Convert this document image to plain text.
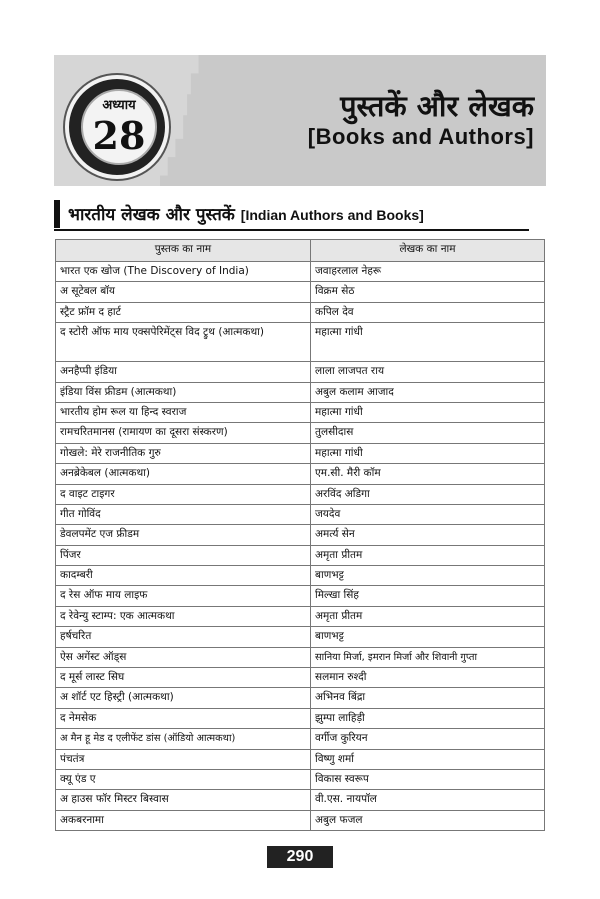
अध्याय
28
पुस्तकें और लेखक
[Books and Authors]
भारतीय लेखक और पुस्तकें [Indian Authors and Books]
पुस्तक का नाम	लेखक का नाम
भारत एक खोज (The Discovery of India)	जवाहरलाल नेहरू
अ सूटेबल बॉय	विक्रम सेठ
स्ट्रैट फ्रॉम द हार्ट	कपिल देव
द स्टोरी ऑफ माय एक्सपेरिमेंट्स विद ट्रुथ (आत्मकथा)	महात्मा गांधी
अनहैप्पी इंडिया	लाला लाजपत राय
इंडिया विंस फ्रीडम (आत्मकथा)	अबुल कलाम आजाद
भारतीय होम रूल या हिन्द स्वराज	महात्मा गांधी
रामचरितमानस (रामायण का दूसरा संस्करण)	तुलसीदास
गोखले: मेरे राजनीतिक गुरु	महात्मा गांधी
अनब्रेकेबल (आत्मकथा)	एम.सी. मैरी कॉम
द वाइट टाइगर	अरविंद अडिगा
गीत गोविंद	जयदेव
डेवलपमेंट एज फ्रीडम	अमर्त्य सेन
पिंजर	अमृता प्रीतम
कादम्बरी	बाणभट्ट
द रेस ऑफ माय लाइफ	मिल्खा सिंह
द रेवेन्यु स्टाम्प: एक आत्मकथा	अमृता प्रीतम
हर्षचरित	बाणभट्ट
ऐस अगेंस्ट ऑड्स	सानिया मिर्जा, इमरान मिर्जा और शिवानी गुप्ता
द मूर्स लास्ट सिघ	सलमान रुश्दी
अ शॉर्ट एट हिस्ट्री (आत्मकथा)	अभिनव बिंद्रा
द नेमसेक	झुम्पा लाहिड़ी
अ मैन हू मेड द एलीफेंट डांस (ऑडियो आत्मकथा)	वर्गीज कुरियन
पंचतंत्र	विष्णु शर्मा
क्यू एंड ए	विकास स्वरूप
अ हाउस फॉर मिस्टर बिस्वास	वी.एस. नायपॉल
अकबरनामा	अबुल फजल
290
